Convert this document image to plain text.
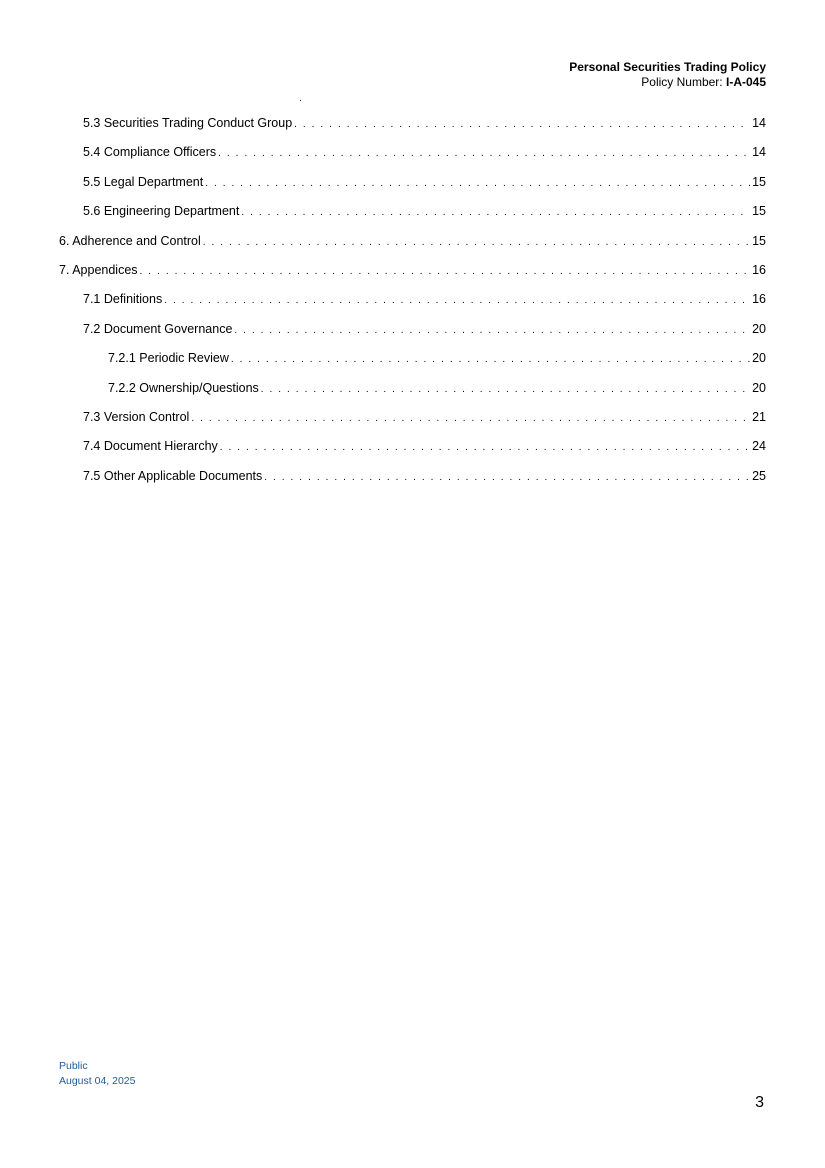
Personal Securities Trading Policy
Policy Number: I-A-045
.
5.3 Securities Trading Conduct Group . . .	14
5.4 Compliance Officers . . .	14
5.5 Legal Department . . .	15
5.6 Engineering Department . . .	15
6. Adherence and Control . . .	15
7. Appendices . . .	16
7.1 Definitions . . .	16
7.2 Document Governance . . .	20
7.2.1 Periodic Review . . .	20
7.2.2 Ownership/Questions . . .	20
7.3 Version Control . . .	21
7.4 Document Hierarchy . . .	24
7.5 Other Applicable Documents . . .	25
Public
August 04, 2025
3
